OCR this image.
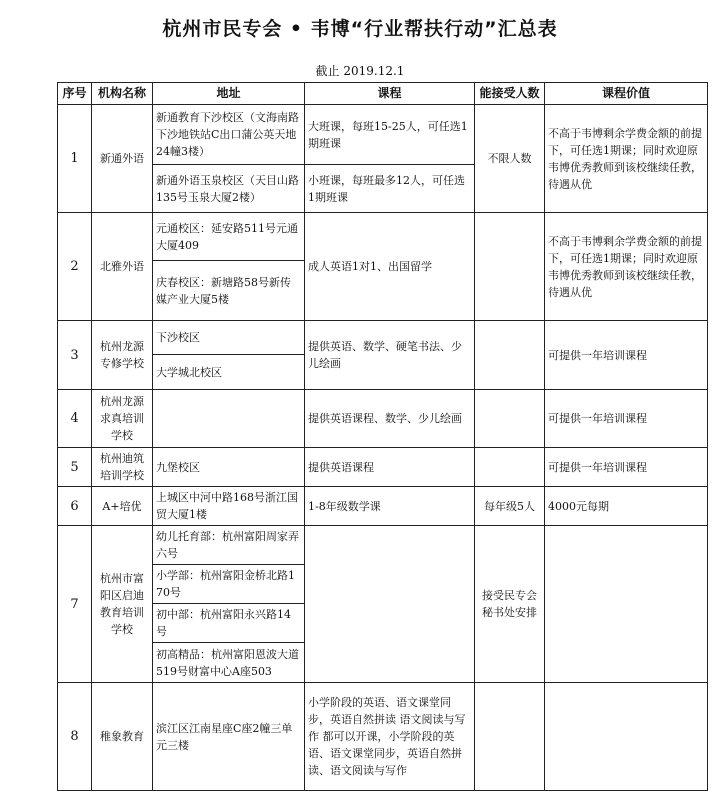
杭州市民专会 • 韦博“行业帮扶行动”汇总表
截止 2019.12.1
序号	机构名称	地址	课程	能接受人数	课程价值
1	新通外语	新通教育下沙校区（文海南路下沙地铁站C出口蒲公英天地24幢3楼）	大班课，每班15-25人，可任选1期班课	不限人数	不高于韦博剩余学费金额的前提下，可任选1期课；同时欢迎原韦博优秀教师到该校继续任教，待遇从优
		新通外语玉泉校区（天目山路135号玉泉大厦2楼）	小班课，每班最多12人，可任选1期班课		
2	北雅外语	元通校区：延安路511号元通大厦409	成人英语1对1、出国留学		不高于韦博剩余学费金额的前提下，可任选1期课；同时欢迎原韦博优秀教师到该校继续任教，待遇从优
		庆春校区：新塘路58号新传媒产业大厦5楼			
3	杭州龙源专修学校	下沙校区	提供英语、数学、硬笔书法、少儿绘画		可提供一年培训课程
		大学城北校区			
4	杭州龙源求真培训学校		提供英语课程、数学、少儿绘画		可提供一年培训课程
5	杭州迪筑培训学校	九堡校区	提供英语课程		可提供一年培训课程
6	A+培优	上城区中河中路168号浙江国贸大厦1楼	1-8年级数学课	每年级5人	4000元每期
7	杭州市富阳区启迪教育培训学校	幼儿托育部：杭州富阳周家弄六号		接受民专会秘书处安排	
		小学部：杭州富阳金桥北路170号			
		初中部：杭州富阳永兴路14号			
		初高精品：杭州富阳恩波大道519号财富中心A座503			
8	稚象教育	滨江区江南星座C座2幢三单元三楼	小学阶段的英语、语文课堂同步，英语自然拼读 语文阅读与写作 都可以开课，小学阶段的英语、语文课堂同步，英语自然拼读、语文阅读与写作		
